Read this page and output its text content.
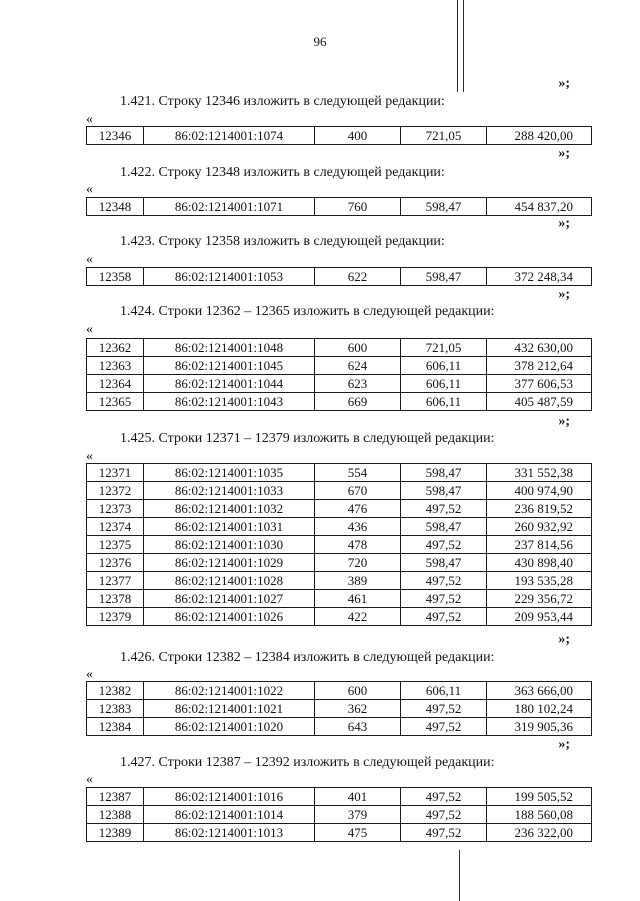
96
»;
1.421. Строку 12346 изложить в следующей редакции:
«
12346	86:02:1214001:1074	400	721,05	288 420,00
»;
1.422. Строку 12348 изложить в следующей редакции:
«
12348	86:02:1214001:1071	760	598,47	454 837,20
»;
1.423. Строку 12358 изложить в следующей редакции:
«
12358	86:02:1214001:1053	622	598,47	372 248,34
»;
1.424. Строки 12362 – 12365 изложить в следующей редакции:
«
12362	86:02:1214001:1048	600	721,05	432 630,00
12363	86:02:1214001:1045	624	606,11	378 212,64
12364	86:02:1214001:1044	623	606,11	377 606,53
12365	86:02:1214001:1043	669	606,11	405 487,59
»;
1.425. Строки 12371 – 12379 изложить в следующей редакции:
«
12371	86:02:1214001:1035	554	598,47	331 552,38
12372	86:02:1214001:1033	670	598,47	400 974,90
12373	86:02:1214001:1032	476	497,52	236 819,52
12374	86:02:1214001:1031	436	598,47	260 932,92
12375	86:02:1214001:1030	478	497,52	237 814,56
12376	86:02:1214001:1029	720	598,47	430 898,40
12377	86:02:1214001:1028	389	497,52	193 535,28
12378	86:02:1214001:1027	461	497,52	229 356,72
12379	86:02:1214001:1026	422	497,52	209 953,44
»;
1.426. Строки 12382 – 12384 изложить в следующей редакции:
«
12382	86:02:1214001:1022	600	606,11	363 666,00
12383	86:02:1214001:1021	362	497,52	180 102,24
12384	86:02:1214001:1020	643	497,52	319 905,36
»;
1.427. Строки 12387 – 12392 изложить в следующей редакции:
«
12387	86:02:1214001:1016	401	497,52	199 505,52
12388	86:02:1214001:1014	379	497,52	188 560,08
12389	86:02:1214001:1013	475	497,52	236 322,00
